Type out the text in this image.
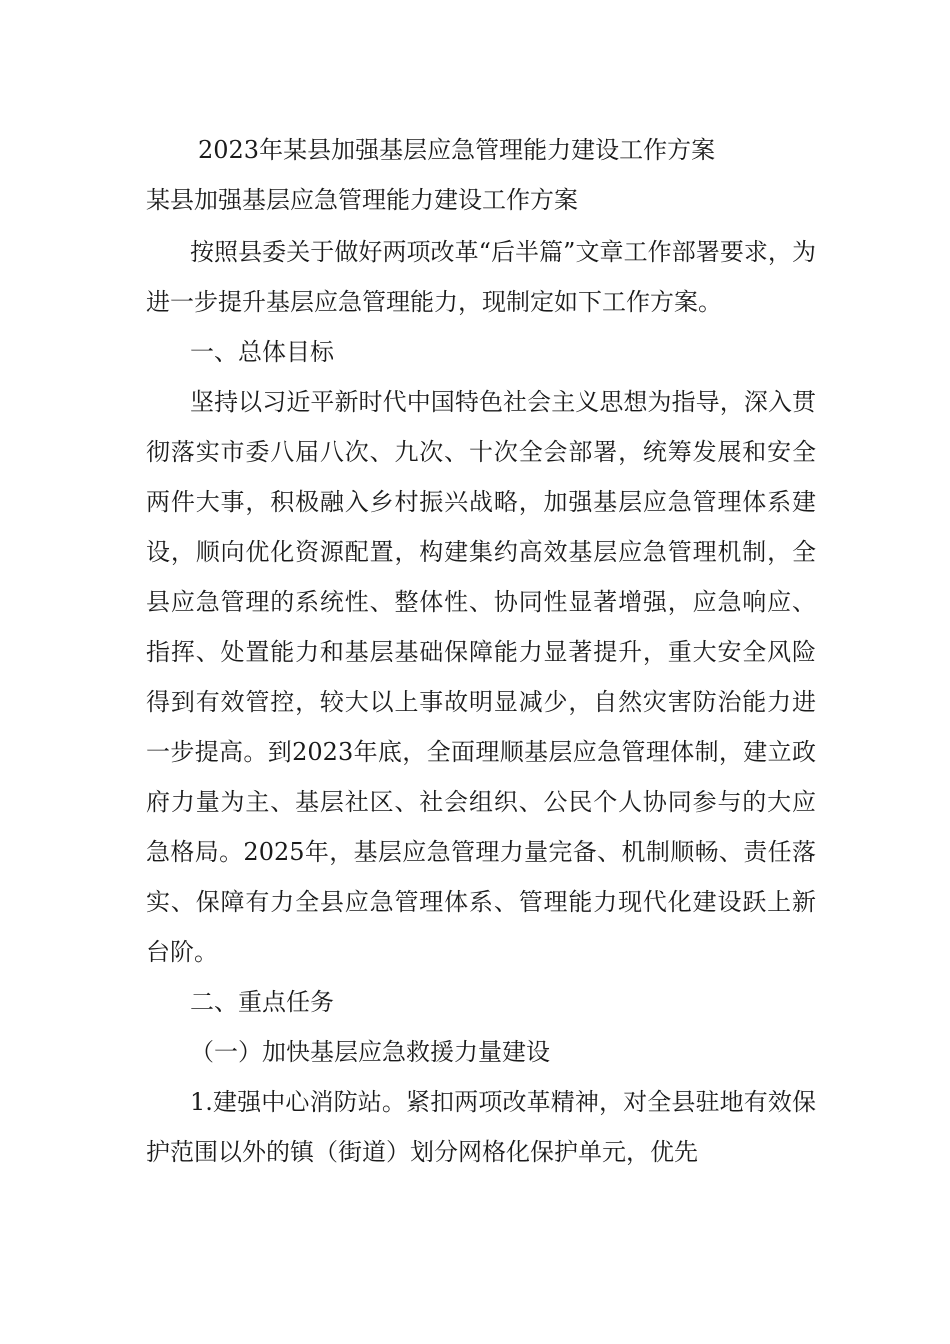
2023年某县加强基层应急管理能力建设工作方案
某县加强基层应急管理能力建设工作方案

按照县委关于做好两项改革“后半篇”文章工作部署要求，为进一步提升基层应急管理能力，现制定如下工作方案。

一、总体目标

坚持以习近平新时代中国特色社会主义思想为指导，深入贯彻落实市委八届八次、九次、十次全会部署，统筹发展和安全两件大事，积极融入乡村振兴战略，加强基层应急管理体系建设，顺向优化资源配置，构建集约高效基层应急管理机制，全县应急管理的系统性、整体性、协同性显著增强，应急响应、指挥、处置能力和基层基础保障能力显著提升，重大安全风险得到有效管控，较大以上事故明显减少，自然灾害防治能力进一步提高。到2023年底，全面理顺基层应急管理体制，建立政府力量为主、基层社区、社会组织、公民个人协同参与的大应急格局。2025年，基层应急管理力量完备、机制顺畅、责任落实、保障有力全县应急管理体系、管理能力现代化建设跃上新台阶。

二、重点任务

（一）加快基层应急救援力量建设

1.建强中心消防站。紧扣两项改革精神，对全县驻地有效保护范围以外的镇（街道）划分网格化保护单元，优先
